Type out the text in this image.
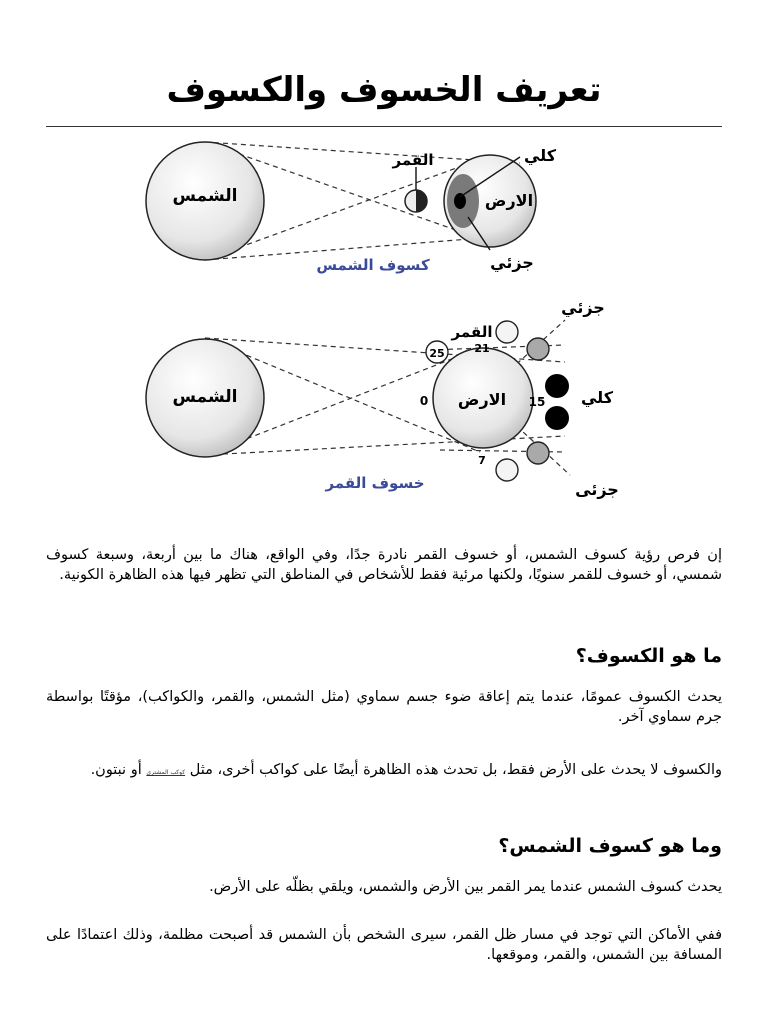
تعريف الخسوف والكسوف
الشمس
القمر
الارض
كلي
جزئي
كسوف الشمس
25	21
0	15
7
الشمس
القمر
الارض	كلي
جزئي
جزئى
خسوف القمر
إن فرص رؤية كسوف الشمس، أو خسوف القمر نادرة جدًا، وفي الواقع، هناك ما بين أربعة، وسبعة كسوف شمسي، أو خسوف للقمر سنويًا، ولكنها مرئية فقط للأشخاص في المناطق التي تظهر فيها هذه الظاهرة الكونية.
ما هو الكسوف؟
يحدث الكسوف عمومًا، عندما يتم إعاقة ضوء جسم سماوي (مثل الشمس، والقمر، والكواكب)، مؤقتًا بواسطة جرم سماوي آخر.
والكسوف لا يحدث على الأرض فقط، بل تحدث هذه الظاهرة أيضًا على كواكب أخرى، مثل كوكب المشتري أو نبتون.
وما هو كسوف الشمس؟
يحدث كسوف الشمس عندما يمر القمر بين الأرض والشمس، ويلقي بظلّه على الأرض.
ففي الأماكن التي توجد في مسار ظل القمر، سيرى الشخص بأن الشمس قد أصبحت مظلمة، وذلك اعتمادًا على المسافة بين الشمس، والقمر، وموقعها.
